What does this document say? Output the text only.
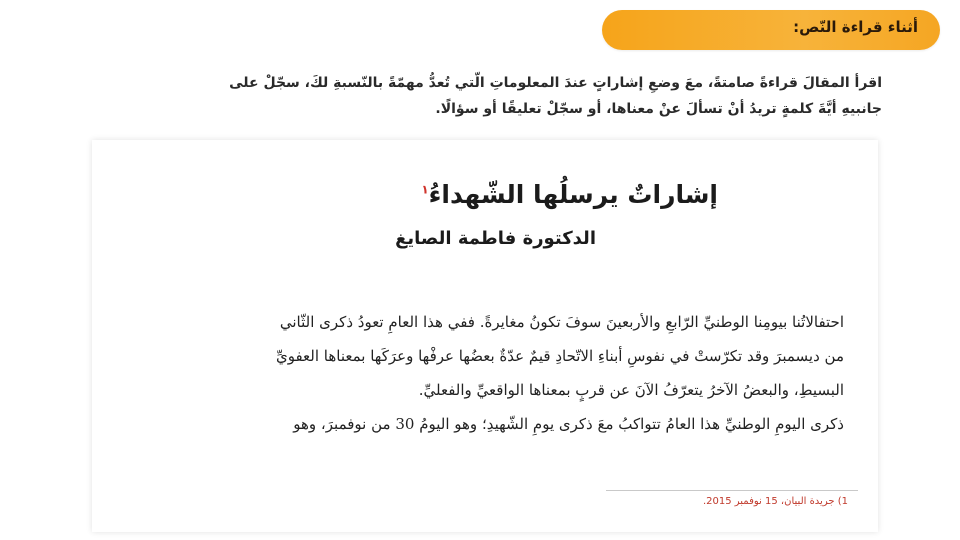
أثناء قراءة النّص:

اقرأ المقالَ قراءةً صامتةً، معَ وضعِ إشاراتٍ عندَ المعلوماتِ الّتي تُعدُّ مهمّةً بالنّسبةِ لكَ، سجّلْ على

جانبيهِ أيَّةَ كلمةٍ تريدُ أنْ تسألَ عنْ معناها، أو سجّلْ تعليقًا أو سؤالًا.

إشاراتٌ يرسلُها الشّهداءُ$^١$
الدكتورة فاطمة الصايغ

احتفالاتُنا بيومِنا الوطنيِّ الرّابعِ والأربعينَ سوفَ تكونُ مغايرةً. ففي هذا العامِ تعودُ ذكرى الثّاني

من ديسمبرَ وقد تكرّستْ في نفوسِ أبناءِ الاتّحادِ قيمٌ عدّةٌ بعضُها عرفْها وعرَكَها بمعناها العفويِّ

البسيطِ، والبعضُ الآخرُ يتعرّفُ الآنَ عن قربٍ بمعناها الواقعيِّ والفعليِّ.

ذكرى اليومِ الوطنيِّ هذا العامُ تتواكبُ معَ ذكرى يومِ الشّهيدِ؛ وهو اليومُ 30 من نوفمبرَ، وهو

1) جريدة البيان، 15 نوفمبر 2015.
